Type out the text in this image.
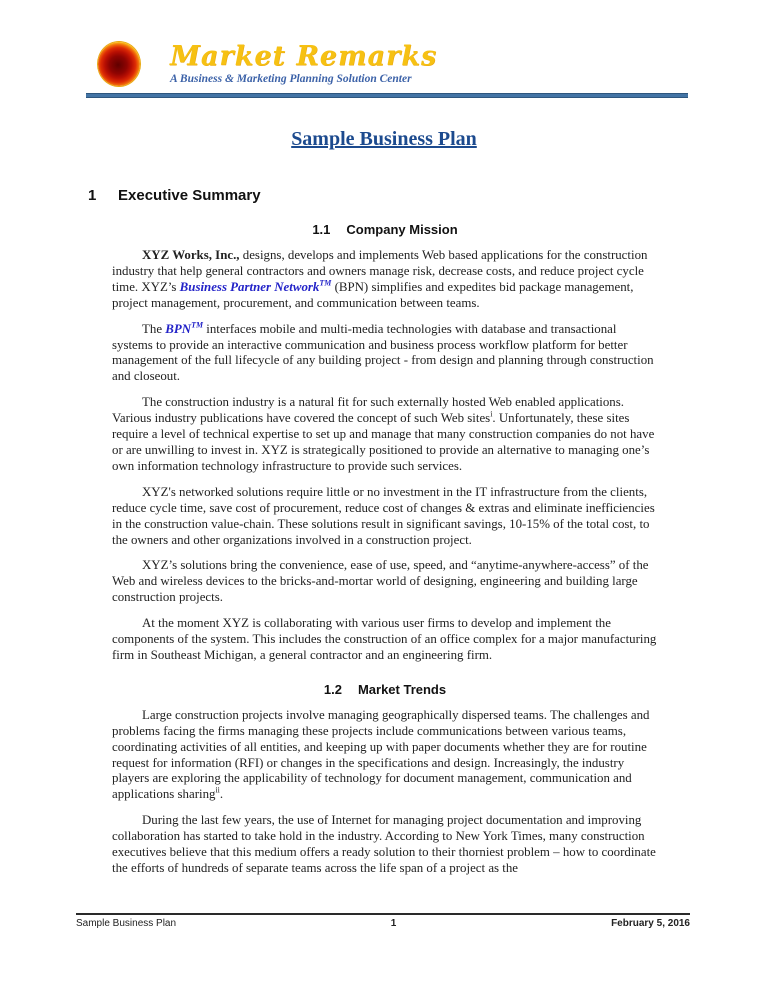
Market Remarks
A Business & Marketing Planning Solution Center
Sample Business Plan
1 Executive Summary
1.1 Company Mission

XYZ Works, Inc., designs, develops and implements Web based applications for the construction industry that help general contractors and owners manage risk, decrease costs, and reduce project cycle time. XYZ’s Business Partner Network™ (BPN) simplifies and expedites bid package management, project management, procurement, and communication between teams.

The BPN™ interfaces mobile and multi-media technologies with database and transactional systems to provide an interactive communication and business process workflow platform for better management of the full lifecycle of any building project - from design and planning through construction and closeout.

The construction industry is a natural fit for such externally hosted Web enabled applications. Various industry publications have covered the concept of such Web sites$^i$. Unfortunately, these sites require a level of technical expertise to set up and manage that many construction companies do not have or are unwilling to invest in. XYZ is strategically positioned to provide an alternative to managing one’s own information technology infrastructure to provide such services.

XYZ's networked solutions require little or no investment in the IT infrastructure from the clients, reduce cycle time, save cost of procurement, reduce cost of changes & extras and eliminate inefficiencies in the construction value-chain. These solutions result in significant savings, 10-15% of the total cost, to the owners and other organizations involved in a construction project.

XYZ’s solutions bring the convenience, ease of use, speed, and “anytime-anywhere-access” of the Web and wireless devices to the bricks-and-mortar world of designing, engineering and building large construction projects.

At the moment XYZ is collaborating with various user firms to develop and implement the components of the system. This includes the construction of an office complex for a major manufacturing firm in Southeast Michigan, a general contractor and an engineering firm.

1.2 Market Trends

Large construction projects involve managing geographically dispersed teams. The challenges and problems facing the firms managing these projects include communications between various teams, coordinating activities of all entities, and keeping up with paper documents whether they are for routine request for information (RFI) or changes in the specifications and design. Increasingly, the industry players are exploring the applicability of technology for document management, communication and applications sharing$^{ii}$.

During the last few years, the use of Internet for managing project documentation and improving collaboration has started to take hold in the industry. According to New York Times, many construction executives believe that this medium offers a ready solution to their thorniest problem – how to coordinate the efforts of hundreds of separate teams across the life span of a project as the

Sample Business Plan	1	February 5, 2016
